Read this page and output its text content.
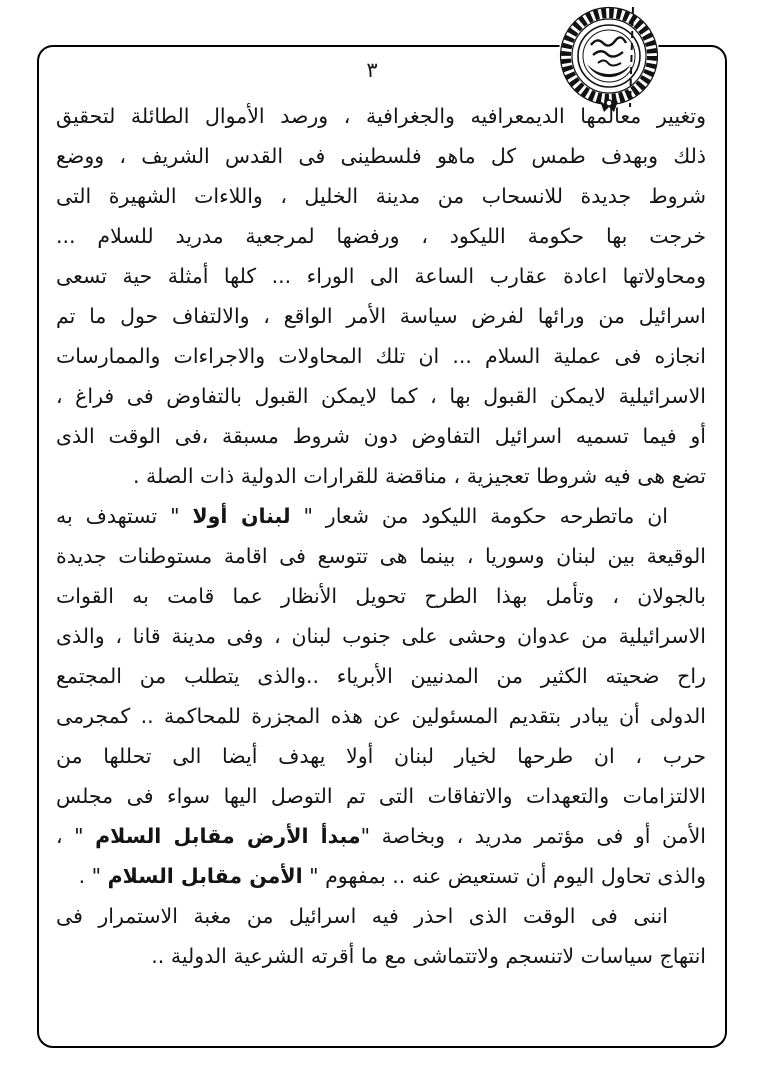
٣
وتغيير معالمها الديمعرافيه والجغرافية ، ورصد الأموال الطائلة لتحقيق
ذلك وبهدف طمس كل ماهو فلسطينى فى القدس الشريف ، ووضع
شروط جديدة للانسحاب من مدينة الخليل ، واللاءات الشهيرة التى
خرجت بها حكومة الليكود ، ورفضها لمرجعية مدريد للسلام ...
ومحاولاتها اعادة عقارب الساعة الى الوراء ... كلها أمثلة حية تسعى
اسرائيل من ورائها لفرض سياسة الأمر الواقع ، والالتفاف حول ما تم
انجازه فى عملية السلام ... ان تلك المحاولات والاجراءات والممارسات
الاسرائيلية لايمكن القبول بها ، كما لايمكن القبول بالتفاوض فى فراغ ،
أو فيما تسميه اسرائيل التفاوض دون شروط مسبقة ،فى الوقت الذى
تضع هى فيه شروطا تعجيزية ، مناقضة للقرارات الدولية ذات الصلة .
ان ماتطرحه حكومة الليكود من شعار " لبنان أولا " تستهدف به
الوقيعة بين لبنان وسوريا ، بينما هى تتوسع فى اقامة مستوطنات جديدة
بالجولان ، وتأمل بهذا الطرح تحويل الأنظار عما قامت به القوات
الاسرائيلية من عدوان وحشى على جنوب لبنان ، وفى مدينة قانا ، والذى
راح ضحيته الكثير من المدنيين الأبرياء ..والذى يتطلب من المجتمع
الدولى أن يبادر بتقديم المسئولين عن هذه المجزرة للمحاكمة .. كمجرمى
حرب ، ان طرحها لخيار لبنان أولا يهدف أيضا الى تحللها من
الالتزامات والتعهدات والاتفاقات التى تم التوصل اليها سواء فى مجلس
الأمن أو فى مؤتمر مدريد ، وبخاصة "مبدأ الأرض مقابل السلام " ،
والذى تحاول اليوم أن تستعيض عنه .. بمفهوم " الأمن مقابل السلام " .
اننى فى الوقت الذى احذر فيه اسرائيل من مغبة الاستمرار فى
انتهاج سياسات لاتنسجم ولاتتماشى مع ما أقرته الشرعية الدولية ..
